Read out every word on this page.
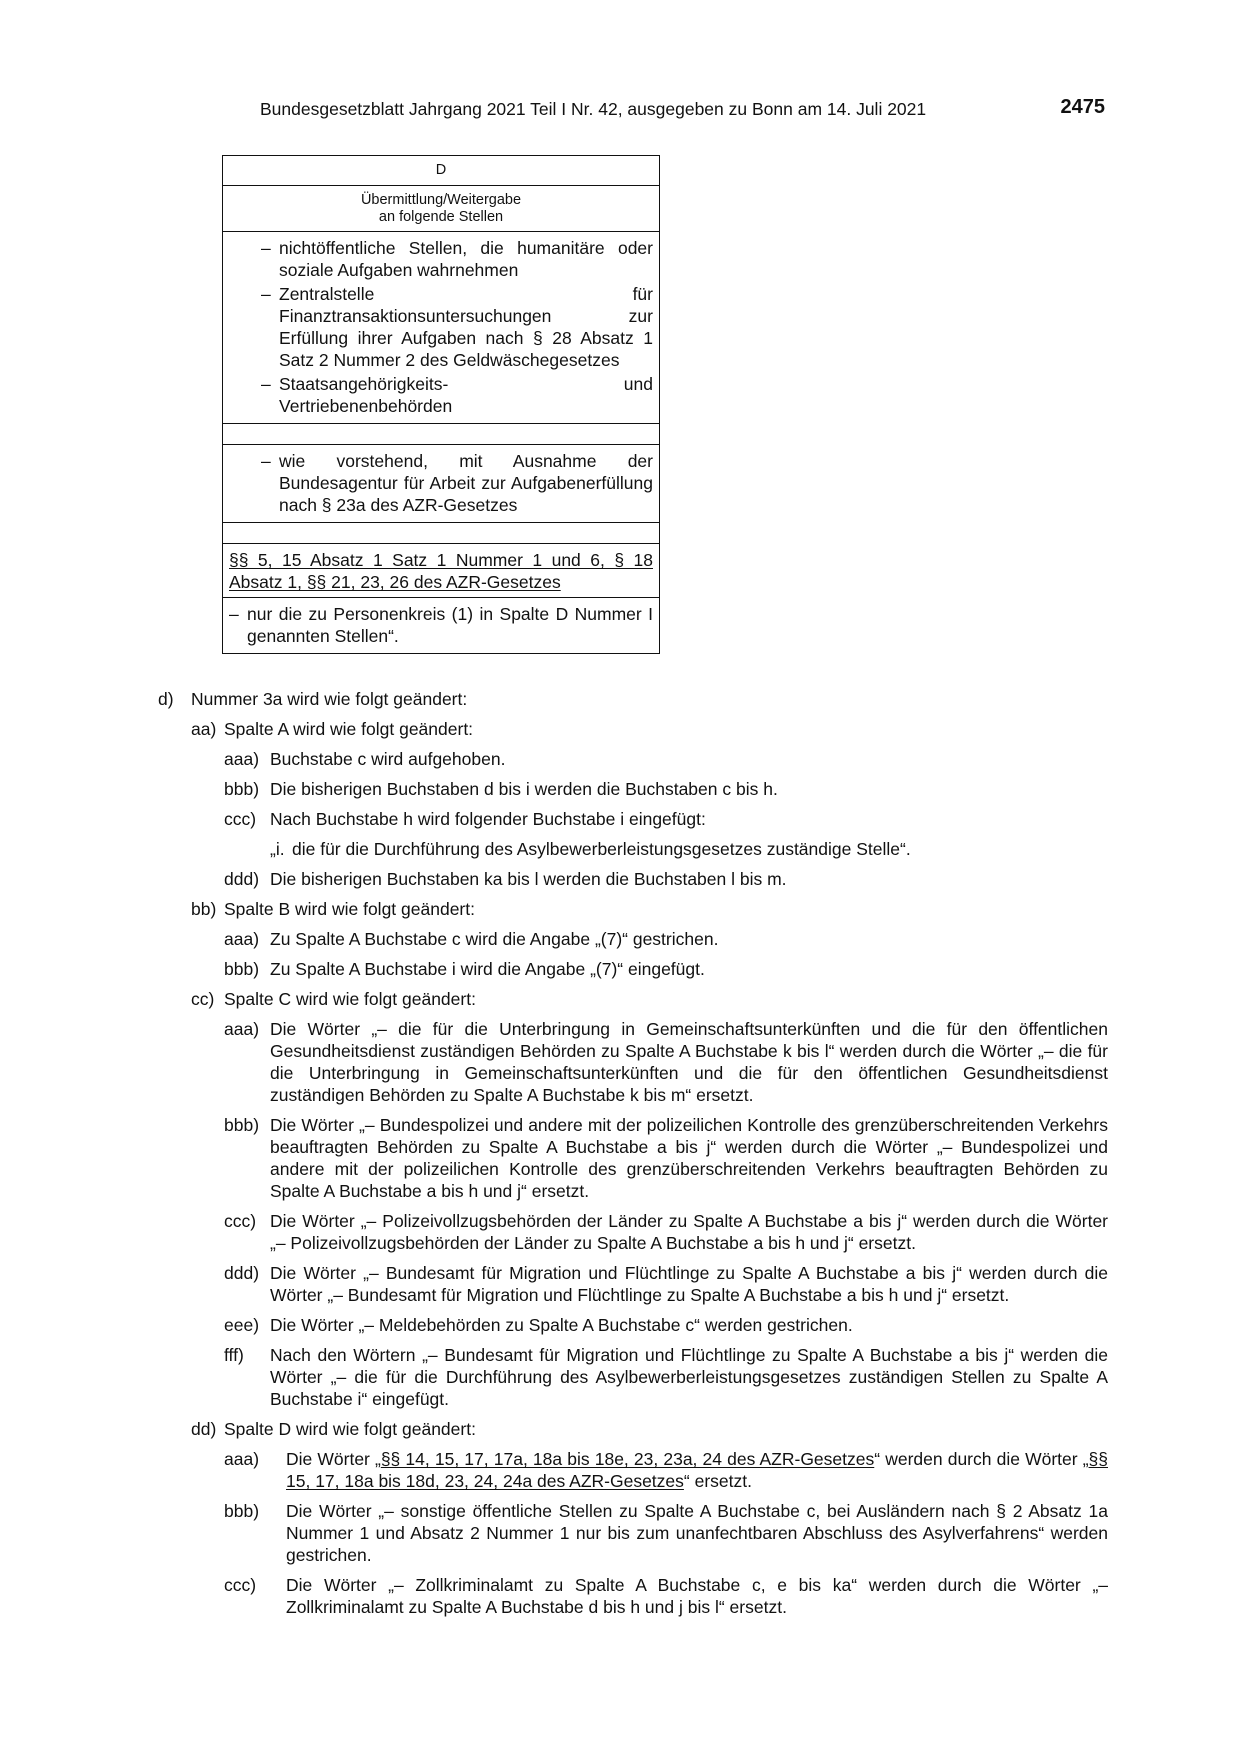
Bundesgesetzblatt Jahrgang 2021 Teil I Nr. 42, ausgegeben zu Bonn am 14. Juli 2021	2475
D
Übermittlung/Weitergabe
an folgende Stellen
– nichtöffentliche Stellen, die humanitäre oder soziale Aufgaben wahrnehmen
– Zentralstelle für Finanztransaktionsuntersuchungen zur Erfüllung ihrer Aufgaben nach § 28 Absatz 1 Satz 2 Nummer 2 des Geldwäschegesetzes
– Staatsangehörigkeits- und Vertriebenenbehörden
– wie vorstehend, mit Ausnahme der Bundesagentur für Arbeit zur Aufgabenerfüllung nach § 23a des AZR-Gesetzes
§§ 5, 15 Absatz 1 Satz 1 Nummer 1 und 6, § 18 Absatz 1, §§ 21, 23, 26 des AZR-Gesetzes
– nur die zu Personenkreis (1) in Spalte D Nummer I genannten Stellen“.
d) Nummer 3a wird wie folgt geändert:
aa) Spalte A wird wie folgt geändert:
aaa) Buchstabe c wird aufgehoben.
bbb) Die bisherigen Buchstaben d bis i werden die Buchstaben c bis h.
ccc) Nach Buchstabe h wird folgender Buchstabe i eingefügt:
„i. die für die Durchführung des Asylbewerberleistungsgesetzes zuständige Stelle“.
ddd) Die bisherigen Buchstaben ka bis l werden die Buchstaben l bis m.
bb) Spalte B wird wie folgt geändert:
aaa) Zu Spalte A Buchstabe c wird die Angabe „(7)“ gestrichen.
bbb) Zu Spalte A Buchstabe i wird die Angabe „(7)“ eingefügt.
cc) Spalte C wird wie folgt geändert:
aaa) Die Wörter „– die für die Unterbringung in Gemeinschaftsunterkünften und die für den öffentlichen Gesundheitsdienst zuständigen Behörden zu Spalte A Buchstabe k bis l“ werden durch die Wörter „– die für die Unterbringung in Gemeinschaftsunterkünften und die für den öffentlichen Gesundheitsdienst zuständigen Behörden zu Spalte A Buchstabe k bis m“ ersetzt.
bbb) Die Wörter „– Bundespolizei und andere mit der polizeilichen Kontrolle des grenzüberschreitenden Verkehrs beauftragten Behörden zu Spalte A Buchstabe a bis j“ werden durch die Wörter „– Bundespolizei und andere mit der polizeilichen Kontrolle des grenzüberschreitenden Verkehrs beauftragten Behörden zu Spalte A Buchstabe a bis h und j“ ersetzt.
ccc) Die Wörter „– Polizeivollzugsbehörden der Länder zu Spalte A Buchstabe a bis j“ werden durch die Wörter „– Polizeivollzugsbehörden der Länder zu Spalte A Buchstabe a bis h und j“ ersetzt.
ddd) Die Wörter „– Bundesamt für Migration und Flüchtlinge zu Spalte A Buchstabe a bis j“ werden durch die Wörter „– Bundesamt für Migration und Flüchtlinge zu Spalte A Buchstabe a bis h und j“ ersetzt.
eee) Die Wörter „– Meldebehörden zu Spalte A Buchstabe c“ werden gestrichen.
fff)	Nach den Wörtern „– Bundesamt für Migration und Flüchtlinge zu Spalte A Buchstabe a bis j“ werden die Wörter „– die für die Durchführung des Asylbewerberleistungsgesetzes zuständigen Stellen zu Spalte A Buchstabe i“ eingefügt.
dd) Spalte D wird wie folgt geändert:
aaa)	Die Wörter „§§ 14, 15, 17, 17a, 18a bis 18e, 23, 23a, 24 des AZR-Gesetzes“ werden durch die Wörter „§§ 15, 17, 18a bis 18d, 23, 24, 24a des AZR-Gesetzes“ ersetzt.
bbb)	Die Wörter „– sonstige öffentliche Stellen zu Spalte A Buchstabe c, bei Ausländern nach § 2 Absatz 1a Nummer 1 und Absatz 2 Nummer 1 nur bis zum unanfechtbaren Abschluss des Asylverfahrens“ werden gestrichen.
ccc)	Die Wörter „– Zollkriminalamt zu Spalte A Buchstabe c, e bis ka“ werden durch die Wörter „– Zollkriminalamt zu Spalte A Buchstabe d bis h und j bis l“ ersetzt.
